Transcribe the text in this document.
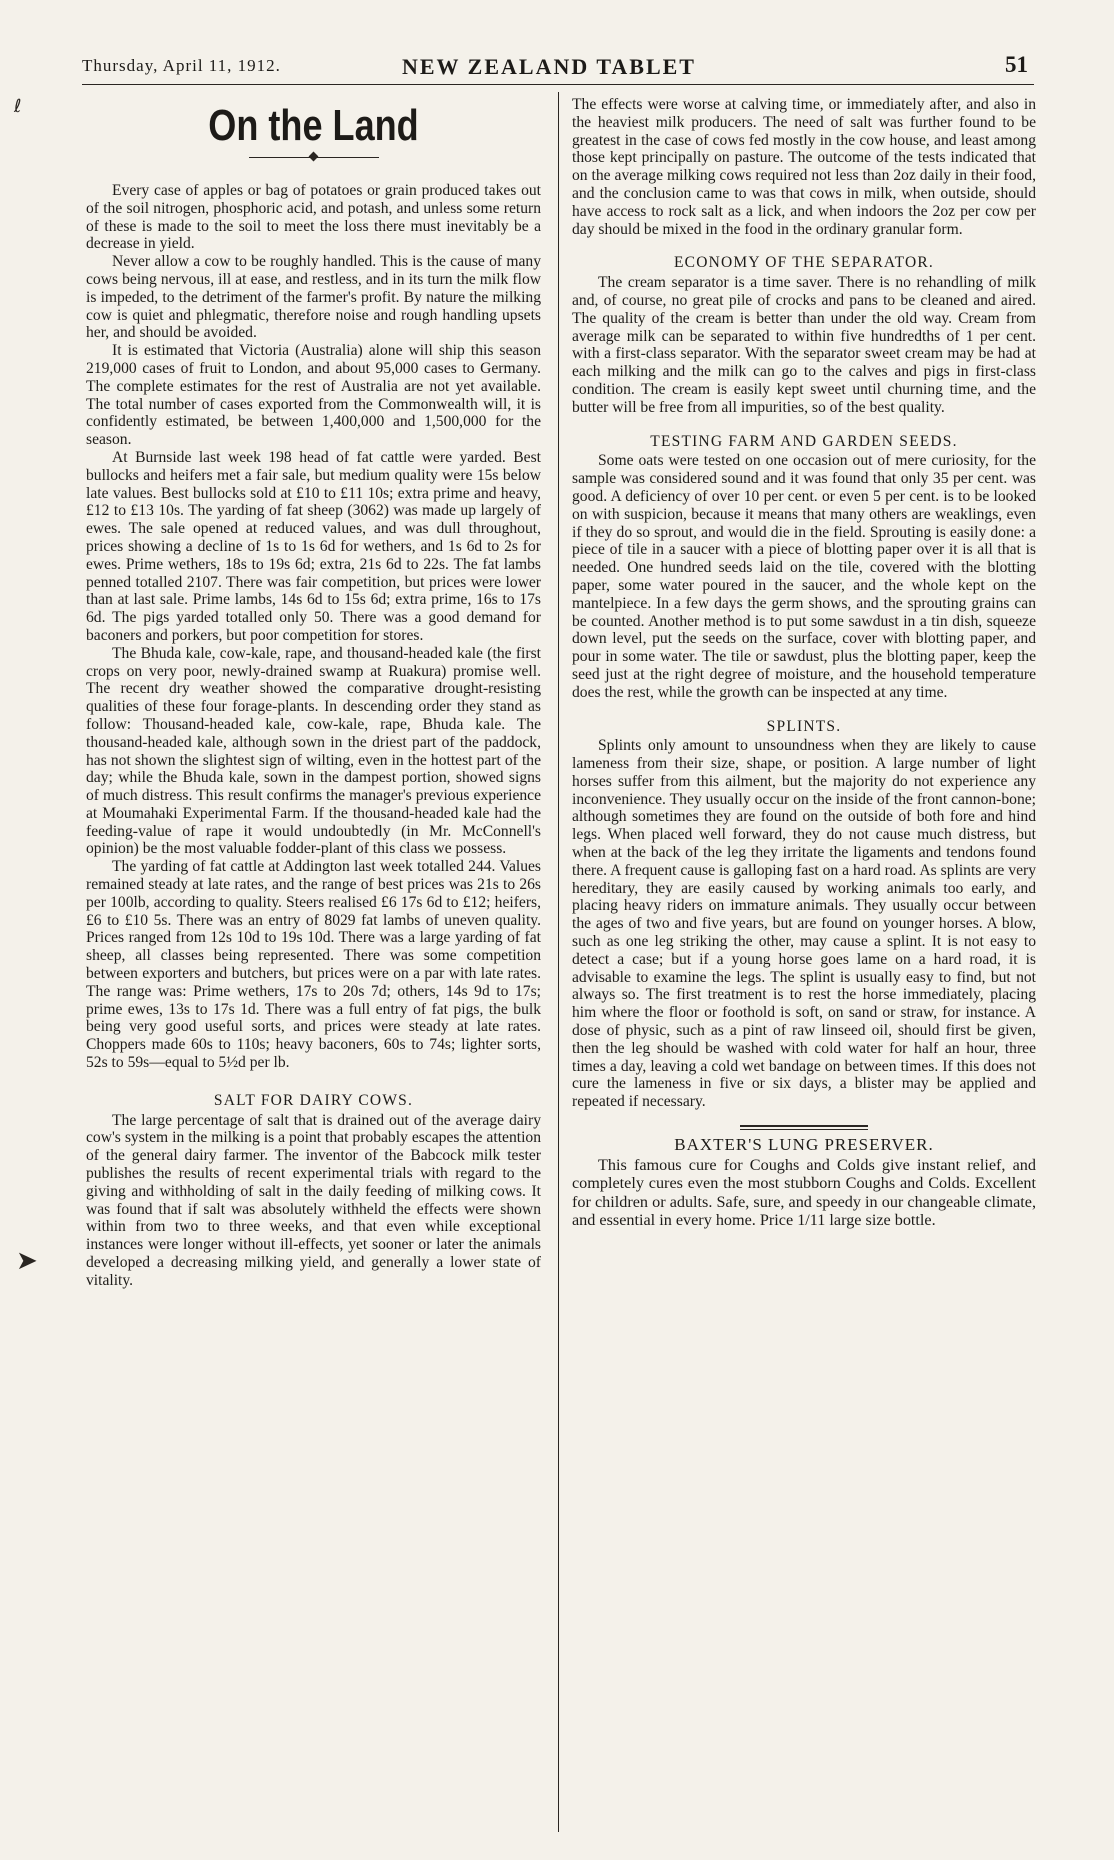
Thursday, April 11, 1912.	NEW ZEALAND TABLET	51
ℓ
➤
On the Land

Every case of apples or bag of potatoes or grain produced takes out of the soil nitrogen, phosphoric acid, and potash, and unless some return of these is made to the soil to meet the loss there must inevitably be a decrease in yield.

Never allow a cow to be roughly handled. This is the cause of many cows being nervous, ill at ease, and restless, and in its turn the milk flow is impeded, to the detriment of the farmer's profit. By nature the milking cow is quiet and phlegmatic, therefore noise and rough handling upsets her, and should be avoided.

It is estimated that Victoria (Australia) alone will ship this season 219,000 cases of fruit to London, and about 95,000 cases to Germany. The complete estimates for the rest of Australia are not yet available. The total number of cases exported from the Commonwealth will, it is confidently estimated, be between 1,400,000 and 1,500,000 for the season.

At Burnside last week 198 head of fat cattle were yarded. Best bullocks and heifers met a fair sale, but medium quality were 15s below late values. Best bullocks sold at £10 to £11 10s; extra prime and heavy, £12 to £13 10s. The yarding of fat sheep (3062) was made up largely of ewes. The sale opened at reduced values, and was dull throughout, prices showing a decline of 1s to 1s 6d for wethers, and 1s 6d to 2s for ewes. Prime wethers, 18s to 19s 6d; extra, 21s 6d to 22s. The fat lambs penned totalled 2107. There was fair competition, but prices were lower than at last sale. Prime lambs, 14s 6d to 15s 6d; extra prime, 16s to 17s 6d. The pigs yarded totalled only 50. There was a good demand for baconers and porkers, but poor competition for stores.

The Bhuda kale, cow-kale, rape, and thousand-headed kale (the first crops on very poor, newly-drained swamp at Ruakura) promise well. The recent dry weather showed the comparative drought-resisting qualities of these four forage-plants. In descending order they stand as follow: Thousand-headed kale, cow-kale, rape, Bhuda kale. The thousand-headed kale, although sown in the driest part of the paddock, has not shown the slightest sign of wilting, even in the hottest part of the day; while the Bhuda kale, sown in the dampest portion, showed signs of much distress. This result confirms the manager's previous experience at Moumahaki Experimental Farm. If the thousand-headed kale had the feeding-value of rape it would undoubtedly (in Mr. McConnell's opinion) be the most valuable fodder-plant of this class we possess.

The yarding of fat cattle at Addington last week totalled 244. Values remained steady at late rates, and the range of best prices was 21s to 26s per 100lb, according to quality. Steers realised £6 17s 6d to £12; heifers, £6 to £10 5s. There was an entry of 8029 fat lambs of uneven quality. Prices ranged from 12s 10d to 19s 10d. There was a large yarding of fat sheep, all classes being represented. There was some competition between exporters and butchers, but prices were on a par with late rates. The range was: Prime wethers, 17s to 20s 7d; others, 14s 9d to 17s; prime ewes, 13s to 17s 1d. There was a full entry of fat pigs, the bulk being very good useful sorts, and prices were steady at late rates. Choppers made 60s to 110s; heavy baconers, 60s to 74s; lighter sorts, 52s to 59s—equal to 5½d per lb.

SALT FOR DAIRY COWS.

The large percentage of salt that is drained out of the average dairy cow's system in the milking is a point that probably escapes the attention of the general dairy farmer. The inventor of the Babcock milk tester publishes the results of recent experimental trials with regard to the giving and withholding of salt in the daily feeding of milking cows. It was found that if salt was absolutely withheld the effects were shown within from two to three weeks, and that even while exceptional instances were longer without ill-effects, yet sooner or later the animals developed a decreasing milking yield, and generally a lower state of vitality.

The effects were worse at calving time, or immediately after, and also in the heaviest milk producers. The need of salt was further found to be greatest in the case of cows fed mostly in the cow house, and least among those kept principally on pasture. The outcome of the tests indicated that on the average milking cows required not less than 2oz daily in their food, and the conclusion came to was that cows in milk, when outside, should have access to rock salt as a lick, and when indoors the 2oz per cow per day should be mixed in the food in the ordinary granular form.

ECONOMY OF THE SEPARATOR.

The cream separator is a time saver. There is no rehandling of milk and, of course, no great pile of crocks and pans to be cleaned and aired. The quality of the cream is better than under the old way. Cream from average milk can be separated to within five hundredths of 1 per cent. with a first-class separator. With the separator sweet cream may be had at each milking and the milk can go to the calves and pigs in first-class condition. The cream is easily kept sweet until churning time, and the butter will be free from all impurities, so of the best quality.

TESTING FARM AND GARDEN SEEDS.

Some oats were tested on one occasion out of mere curiosity, for the sample was considered sound and it was found that only 35 per cent. was good. A deficiency of over 10 per cent. or even 5 per cent. is to be looked on with suspicion, because it means that many others are weaklings, even if they do so sprout, and would die in the field. Sprouting is easily done: a piece of tile in a saucer with a piece of blotting paper over it is all that is needed. One hundred seeds laid on the tile, covered with the blotting paper, some water poured in the saucer, and the whole kept on the mantelpiece. In a few days the germ shows, and the sprouting grains can be counted. Another method is to put some sawdust in a tin dish, squeeze down level, put the seeds on the surface, cover with blotting paper, and pour in some water. The tile or sawdust, plus the blotting paper, keep the seed just at the right degree of moisture, and the household temperature does the rest, while the growth can be inspected at any time.

SPLINTS.

Splints only amount to unsoundness when they are likely to cause lameness from their size, shape, or position. A large number of light horses suffer from this ailment, but the majority do not experience any inconvenience. They usually occur on the inside of the front cannon-bone; although sometimes they are found on the outside of both fore and hind legs. When placed well forward, they do not cause much distress, but when at the back of the leg they irritate the ligaments and tendons found there. A frequent cause is galloping fast on a hard road. As splints are very hereditary, they are easily caused by working animals too early, and placing heavy riders on immature animals. They usually occur between the ages of two and five years, but are found on younger horses. A blow, such as one leg striking the other, may cause a splint. It is not easy to detect a case; but if a young horse goes lame on a hard road, it is advisable to examine the legs. The splint is usually easy to find, but not always so. The first treatment is to rest the horse immediately, placing him where the floor or foothold is soft, on sand or straw, for instance. A dose of physic, such as a pint of raw linseed oil, should first be given, then the leg should be washed with cold water for half an hour, three times a day, leaving a cold wet bandage on between times. If this does not cure the lameness in five or six days, a blister may be applied and repeated if necessary.

BAXTER'S LUNG PRESERVER.

This famous cure for Coughs and Colds give instant relief, and completely cures even the most stubborn Coughs and Colds. Excellent for children or adults. Safe, sure, and speedy in our changeable climate, and essential in every home. Price 1/11 large size bottle.
